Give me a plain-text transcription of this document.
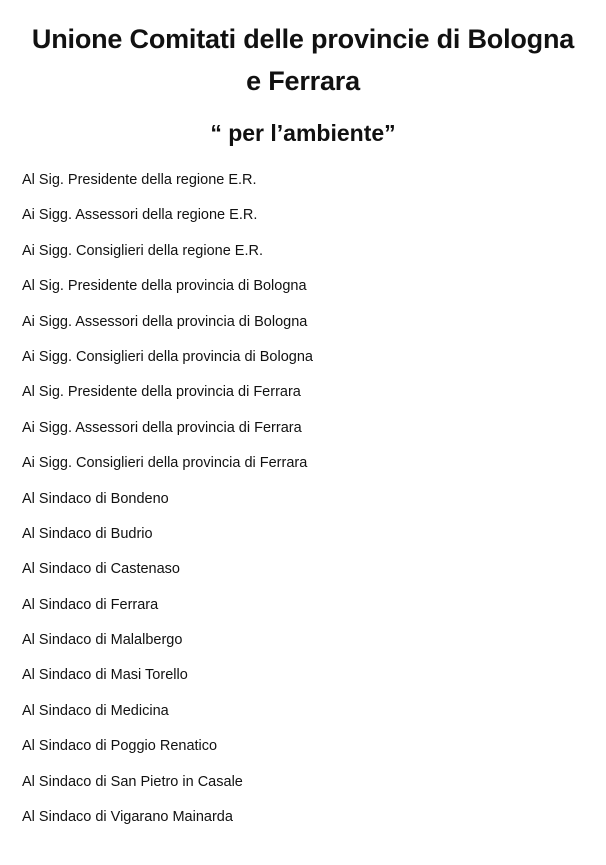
Unione Comitati delle provincie di Bologna
e Ferrara
“ per l’ambiente”
Al Sig. Presidente della regione E.R.
Ai Sigg. Assessori della regione E.R.
Ai Sigg. Consiglieri della regione E.R.
Al Sig. Presidente della provincia di Bologna
Ai Sigg. Assessori della provincia di Bologna
Ai Sigg. Consiglieri della provincia di Bologna
Al Sig. Presidente della provincia di Ferrara
Ai Sigg. Assessori della provincia di Ferrara
Ai Sigg. Consiglieri della provincia di Ferrara
Al Sindaco di Bondeno
Al Sindaco di Budrio
Al Sindaco di Castenaso
Al Sindaco di Ferrara
Al Sindaco di Malalbergo
Al Sindaco di Masi Torello
Al Sindaco di Medicina
Al Sindaco di Poggio Renatico
Al Sindaco di San Pietro in Casale
Al Sindaco di Vigarano Mainarda
